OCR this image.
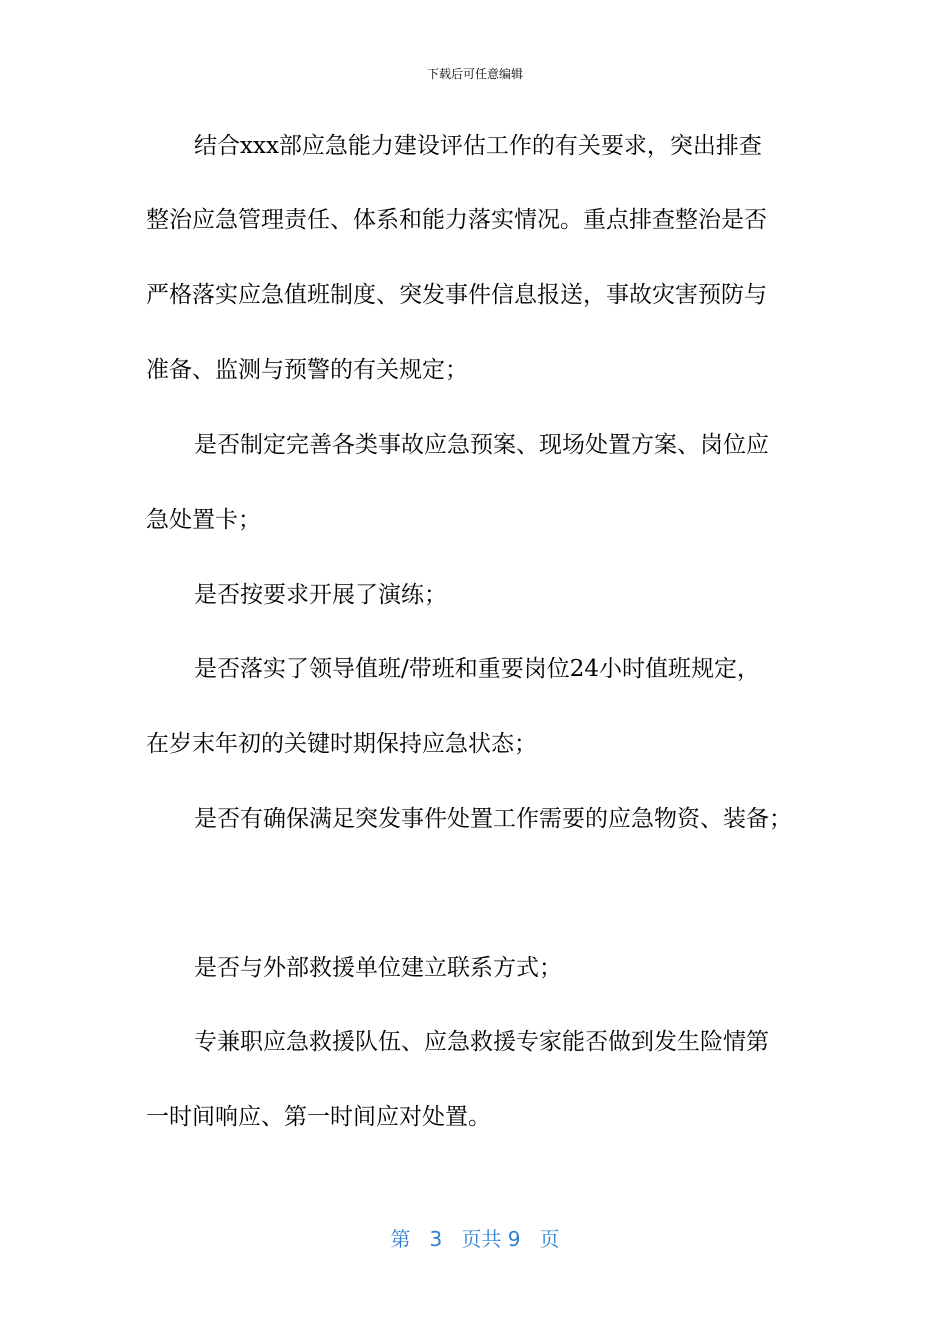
下载后可任意编辑
结合xxx部应急能力建设评估工作的有关要求，突出排查
整治应急管理责任、体系和能力落实情况。重点排查整治是否
严格落实应急值班制度、突发事件信息报送，事故灾害预防与
准备、监测与预警的有关规定；
是否制定完善各类事故应急预案、现场处置方案、岗位应
急处置卡；
是否按要求开展了演练；
是否落实了领导值班/带班和重要岗位24小时值班规定，
在岁末年初的关键时期保持应急状态；
是否有确保满足突发事件处置工作需要的应急物资、装备；
是否与外部救援单位建立联系方式；
专兼职应急救援队伍、应急救援专家能否做到发生险情第
一时间响应、第一时间应对处置。
第 3 页共 9 页
